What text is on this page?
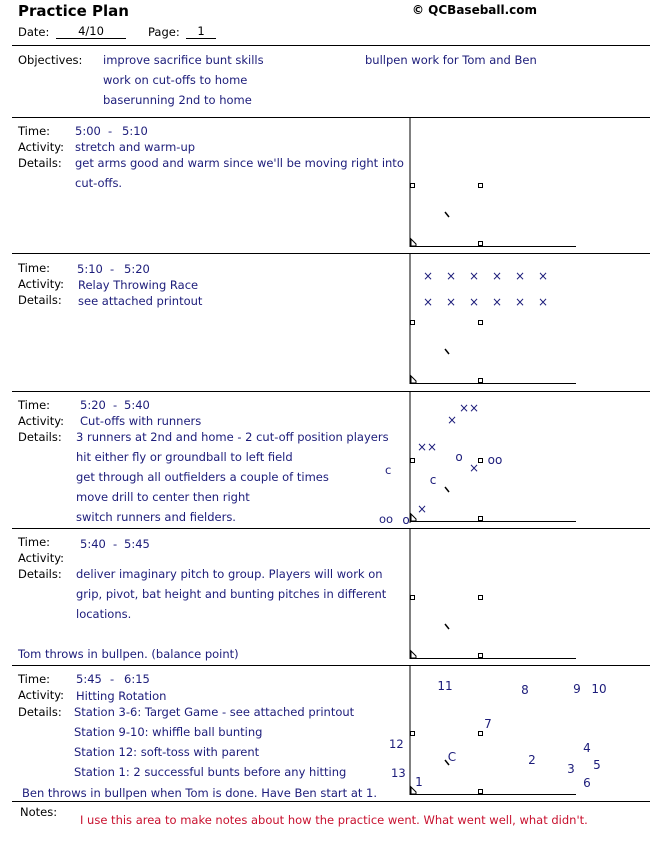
Practice Plan	© QCBaseball.com
Date:	4/10	Page:	1
Objectives: improve sacrifice bunt skills
work on cut-offs to home
baserunning 2nd to home
bullpen work for Tom and Ben
Time: 5:00 - 5:10
Activity: stretch and warm-up
Details: get arms good and warm since we'll be moving right into
cut-offs.
Time: 5:10 - 5:20
Activity: Relay Throwing Race
Details: see attached printout
× × × × × ×
× × × × × ×
Time:	5:20 - 5:40
Activity: Cut-offs with runners
Details: 3 runners at 2nd and home - 2 cut-off position players
hit either fly or groundball to left field
get through all outfielders a couple of times
move drill to center then right
switch runners and fielders.
c
oo
××
×
××
o oo
×
c
×
o
Time:	5:40 - 5:45
Activity:
Details: deliver imaginary pitch to group. Players will work on
grip, pivot, bat height and bunting pitches in different
locations.
Tom throws in bullpen. (balance point)
Time: 5:45 - 6:15
Activity: Hitting Rotation
Details: Station 3-6: Target Game - see attached printout
Station 9-10: whiffle ball bunting
Station 12: soft-toss with parent
Station 1: 2 successful bunts before any hitting
Ben throws in bullpen when Tom is done. Have Ben start at 1.
12
13
11	8	9 10
7
C	2
4
3 5
1	6
Notes:
I use this area to make notes about how the practice went. What went well, what didn't.
